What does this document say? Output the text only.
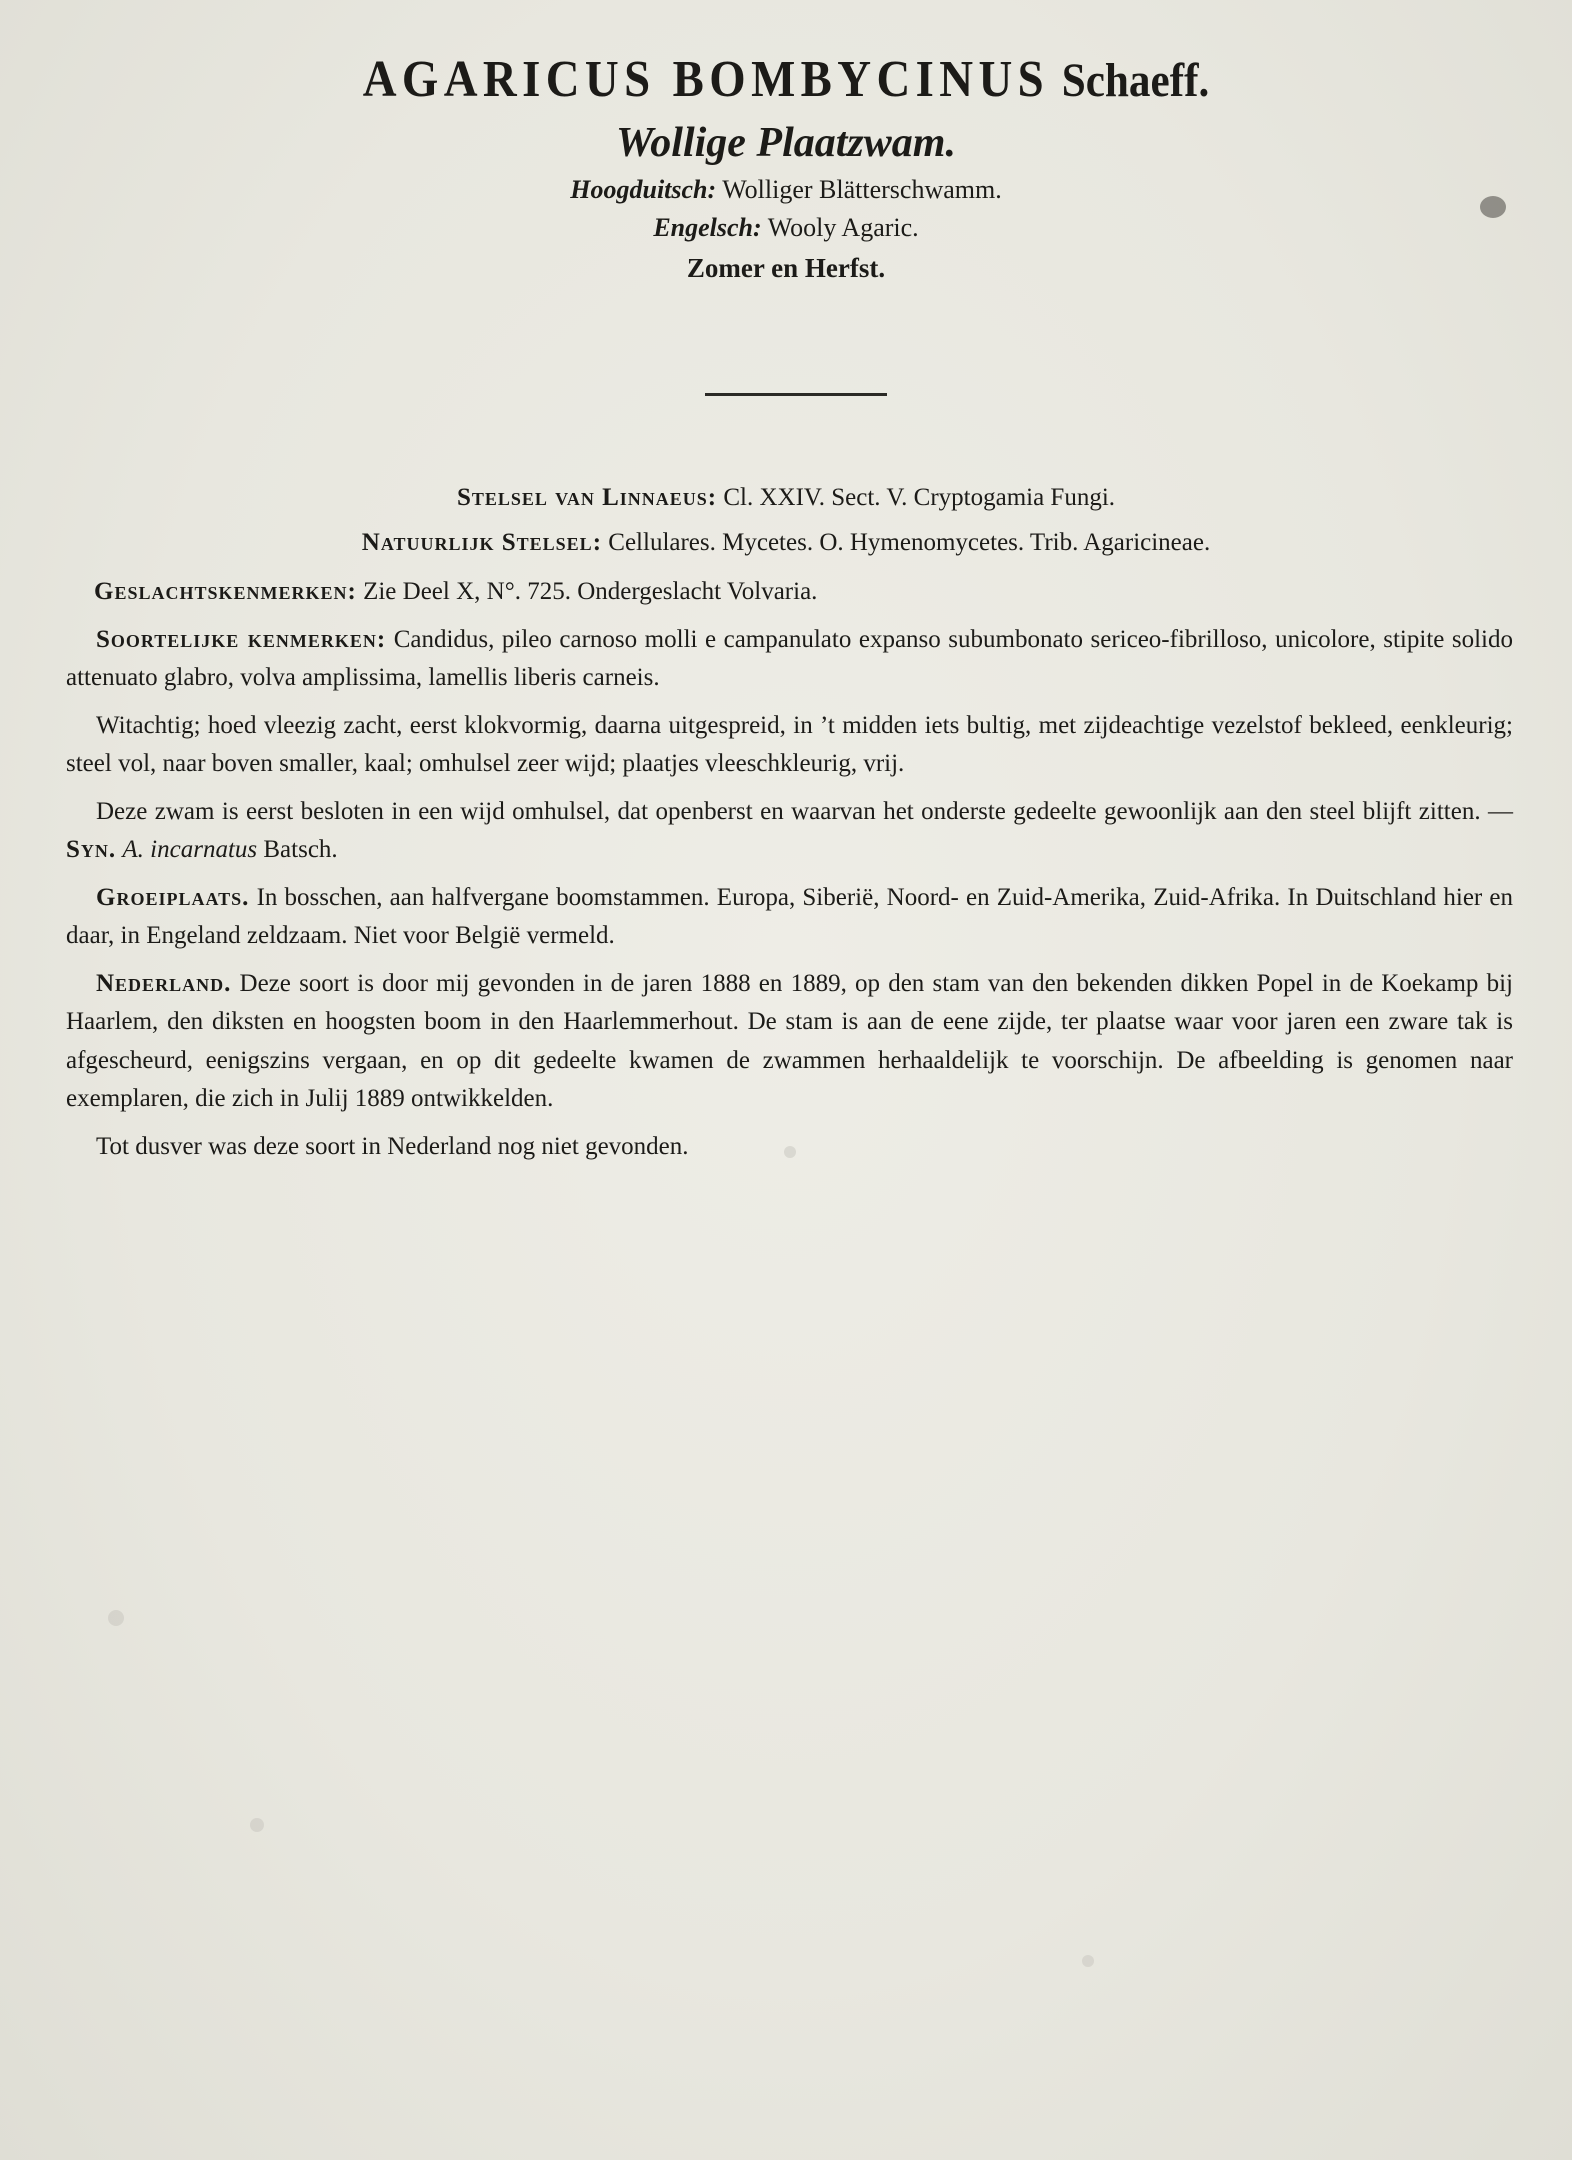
AGARICUS BOMBYCINUS Schaeff.
Wollige Plaatzwam.
Hoogduitsch: Wolliger Blätterschwamm.
Engelsch: Wooly Agaric.
Zomer en Herfst.
Stelsel van Linnaeus: Cl. XXIV. Sect. V. Cryptogamia Fungi.
Natuurlijk Stelsel: Cellulares. Mycetes. O. Hymenomycetes. Trib. Agaricineae.

Geslachtskenmerken: Zie Deel X, N°. 725. Ondergeslacht Volvaria.

Soortelijke kenmerken: Candidus, pileo carnoso molli e campanulato expanso subumbonato sericeo-fibrilloso, unicolore, stipite solido attenuato glabro, volva amplissima, lamellis liberis carneis.

Witachtig; hoed vleezig zacht, eerst klokvormig, daarna uitgespreid, in ’t midden iets bultig, met zijdeachtige vezelstof bekleed, eenkleurig; steel vol, naar boven smaller, kaal; omhulsel zeer wijd; plaatjes vleeschkleurig, vrij.

Deze zwam is eerst besloten in een wijd omhulsel, dat openberst en waarvan het onderste gedeelte gewoonlijk aan den steel blijft zitten. — Syn. A. incarnatus Batsch.

Groeiplaats. In bosschen, aan halfvergane boomstammen. Europa, Siberië, Noord- en Zuid-Amerika, Zuid-Afrika. In Duitschland hier en daar, in Engeland zeldzaam. Niet voor België vermeld.

Nederland. Deze soort is door mij gevonden in de jaren 1888 en 1889, op den stam van den bekenden dikken Popel in de Koekamp bij Haarlem, den diksten en hoogsten boom in den Haarlemmerhout. De stam is aan de eene zijde, ter plaatse waar voor jaren een zware tak is afgescheurd, eenigszins vergaan, en op dit gedeelte kwamen de zwammen herhaaldelijk te voorschijn. De afbeelding is genomen naar exemplaren, die zich in Julij 1889 ontwikkelden.

Tot dusver was deze soort in Nederland nog niet gevonden.
